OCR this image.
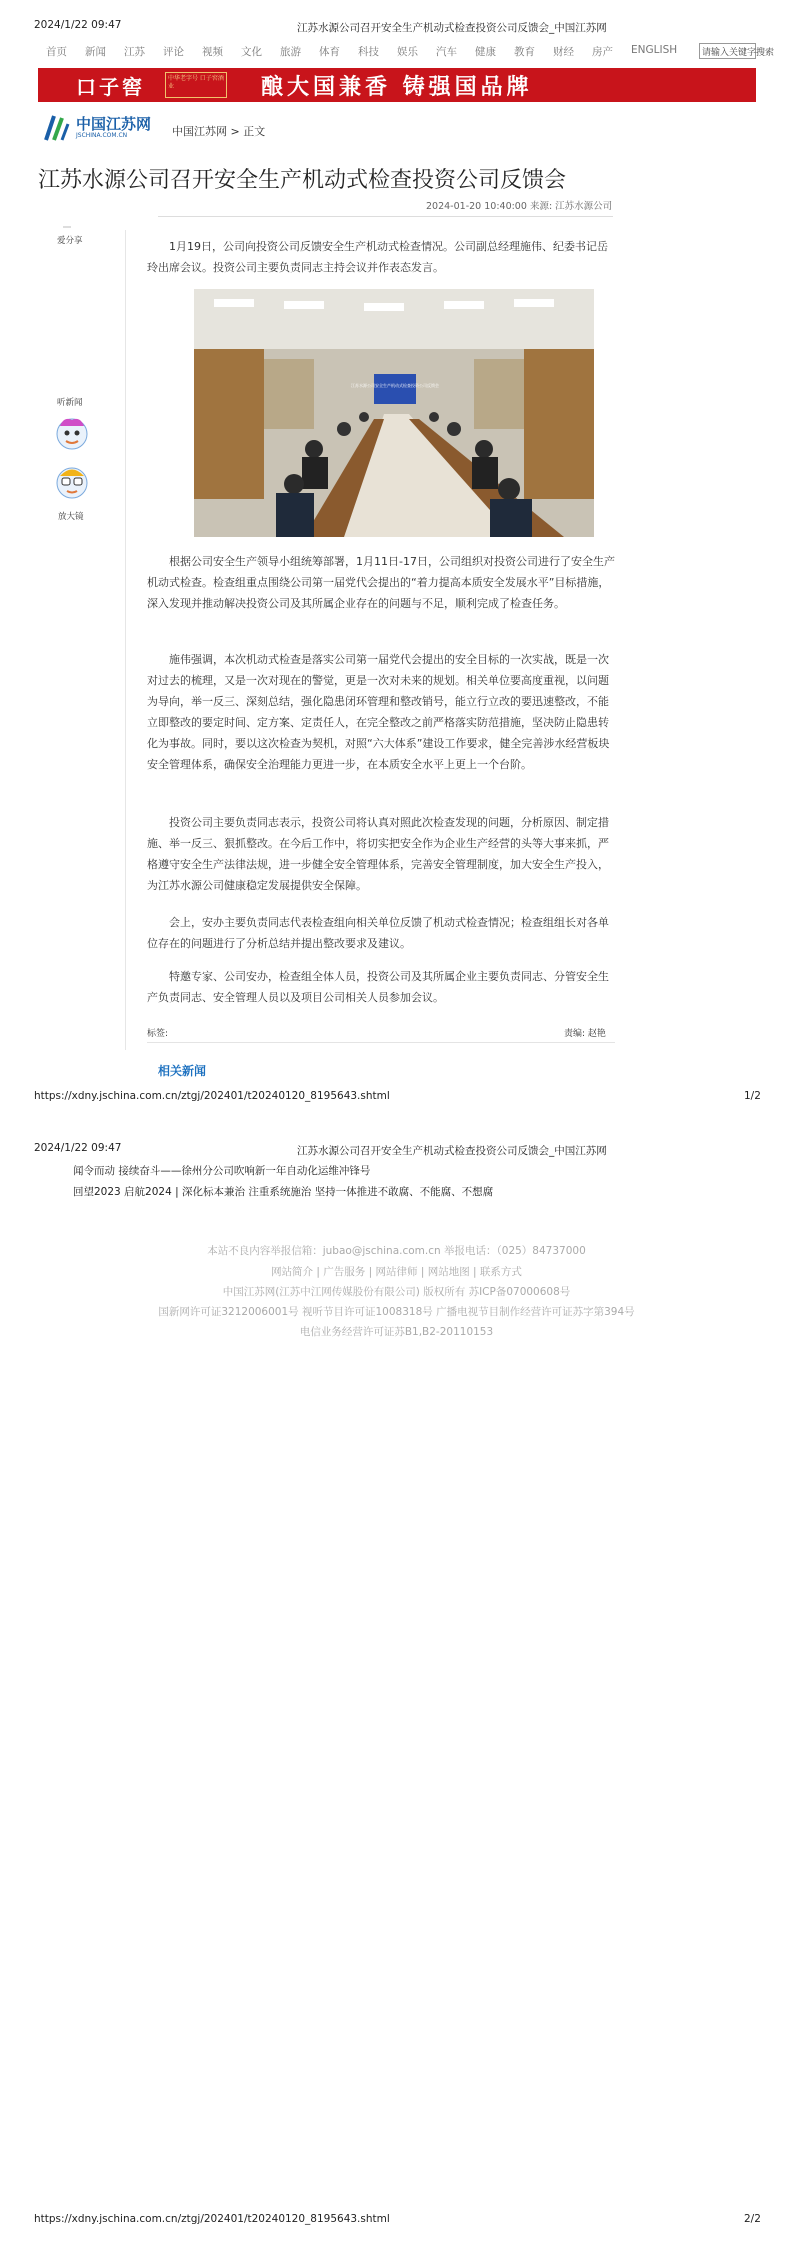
2024/1/22 09:47	江苏水源公司召开安全生产机动式检查投资公司反馈会_中国江苏网
首页 新闻 江苏 评论 视频 文化 旅游 体育 科技 娱乐 汽车 健康 教育 财经 房产 ENGLISH	请输入关键字搜索
口子窖	中华老字号 口子窖酒业	酿大国兼香 铸强国品牌
中国江苏网
JSCHINA.COM.CN	中国江苏网 > 正文
江苏水源公司召开安全生产机动式检查投资公司反馈会
2024-01-20 10:40:00 来源: 江苏水源公司
爱分享
听新闻
放大镜

1月19日，公司向投资公司反馈安全生产机动式检查情况。公司副总经理施伟、纪委书记岳玲出席会议。投资公司主要负责同志主持会议并作表态发言。

江苏水源公司安全生产机动式检查投资公司反馈会

根据公司安全生产领导小组统筹部署，1月11日-17日，公司组织对投资公司进行了安全生产机动式检查。检查组重点围绕公司第一届党代会提出的“着力提高本质安全发展水平”目标措施，深入发现并推动解决投资公司及其所属企业存在的问题与不足，顺利完成了检查任务。

施伟强调，本次机动式检查是落实公司第一届党代会提出的安全目标的一次实战，既是一次对过去的梳理，又是一次对现在的警觉，更是一次对未来的规划。相关单位要高度重视，以问题为导向，举一反三、深刻总结，强化隐患闭环管理和整改销号，能立行立改的要迅速整改，不能立即整改的要定时间、定方案、定责任人，在完全整改之前严格落实防范措施，坚决防止隐患转化为事故。同时，要以这次检查为契机，对照“六大体系”建设工作要求，健全完善涉水经营板块安全管理体系，确保安全治理能力更进一步，在本质安全水平上更上一个台阶。

投资公司主要负责同志表示，投资公司将认真对照此次检查发现的问题，分析原因、制定措施、举一反三、狠抓整改。在今后工作中，将切实把安全作为企业生产经营的头等大事来抓，严格遵守安全生产法律法规，进一步健全安全管理体系，完善安全管理制度，加大安全生产投入，为江苏水源公司健康稳定发展提供安全保障。

会上，安办主要负责同志代表检查组向相关单位反馈了机动式检查情况；检查组组长对各单位存在的问题进行了分析总结并提出整改要求及建议。

特邀专家、公司安办，检查组全体人员，投资公司及其所属企业主要负责同志、分管安全生产负责同志、安全管理人员以及项目公司相关人员参加会议。

标签:	责编: 赵艳
相关新闻
https://xdny.jschina.com.cn/ztgj/202401/t20240120_8195643.shtml	1/2
2024/1/22 09:47	江苏水源公司召开安全生产机动式检查投资公司反馈会_中国江苏网
闻令而动 接续奋斗——徐州分公司吹响新一年自动化运维冲锋号
回望2023 启航2024 | 深化标本兼治 注重系统施治 坚持一体推进不敢腐、不能腐、不想腐
本站不良内容举报信箱：jubao@jschina.com.cn 举报电话：（025）84737000
网站简介 | 广告服务 | 网站律师 | 网站地图 | 联系方式
中国江苏网(江苏中江网传媒股份有限公司) 版权所有 苏ICP备07000608号
国新网许可证3212006001号 视听节目许可证1008318号 广播电视节目制作经营许可证苏字第394号
电信业务经营许可证苏B1,B2-20110153
https://xdny.jschina.com.cn/ztgj/202401/t20240120_8195643.shtml	2/2
